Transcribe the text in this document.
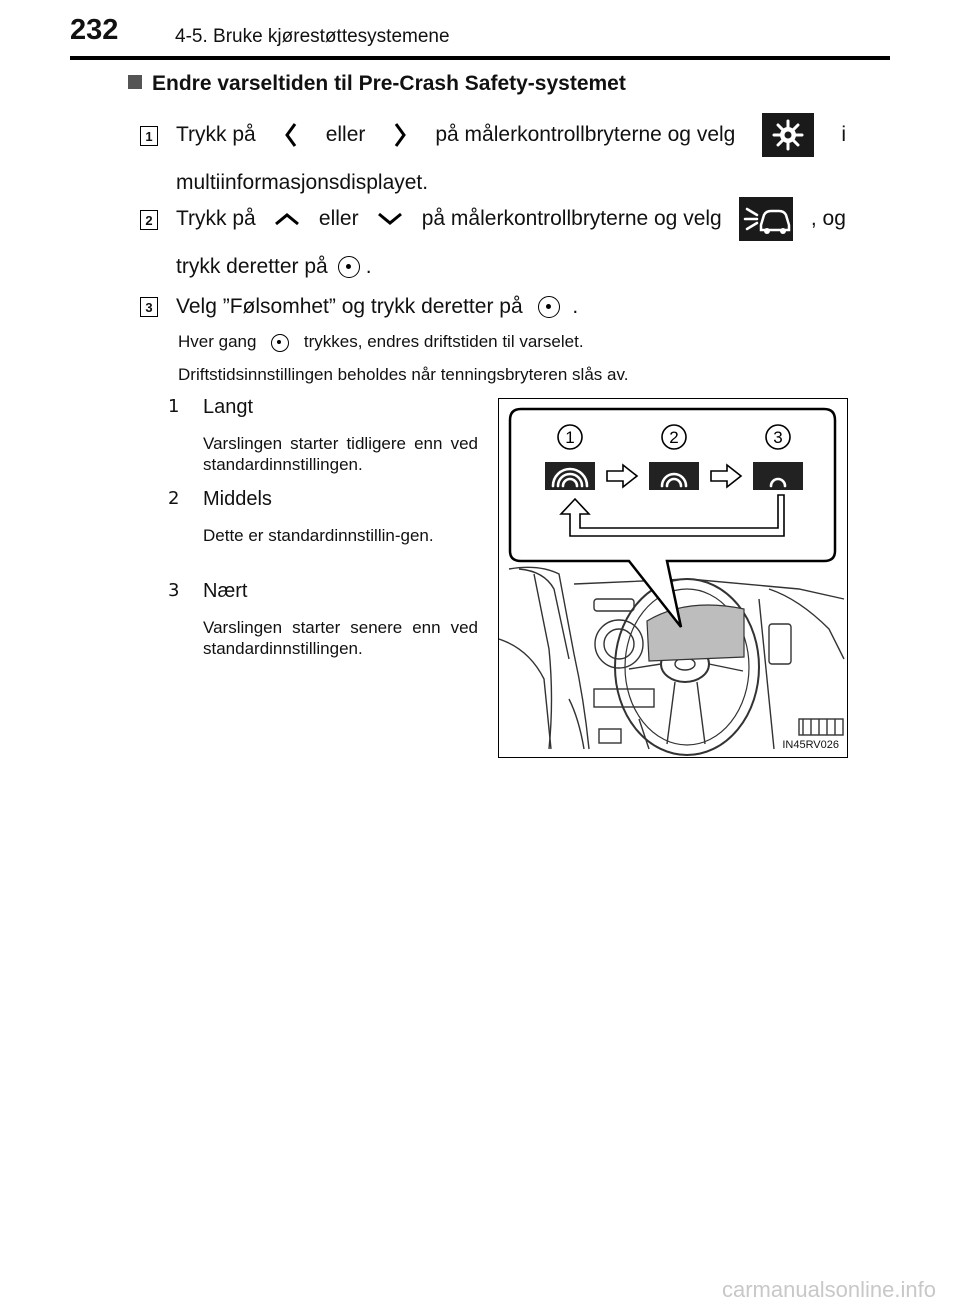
232	4-5. Bruke kjørestøttesystemene
Endre varseltiden til Pre-Crash Safety-systemet
1 Trykk på	eller	på målerkontrollbryterne og velg	i
multiinformasjonsdisplayet.
2 Trykk på	eller	på målerkontrollbryterne og velg	, og
trykk deretter på .
3 Velg ”Følsomhet” og trykk deretter på .
Hver gang	trykkes, endres driftstiden til varselet.
Driftstidsinnstillingen beholdes når tenningsbryteren slås av.
1 Langt
Varslingen starter tidligere enn ved standardinnstillingen.
2 Middels
Dette er standardinnstillin-gen.
3 Nært
Varslingen starter senere enn ved standardinnstillingen.
1	2	3
IN45RV026
carmanualsonline.info
